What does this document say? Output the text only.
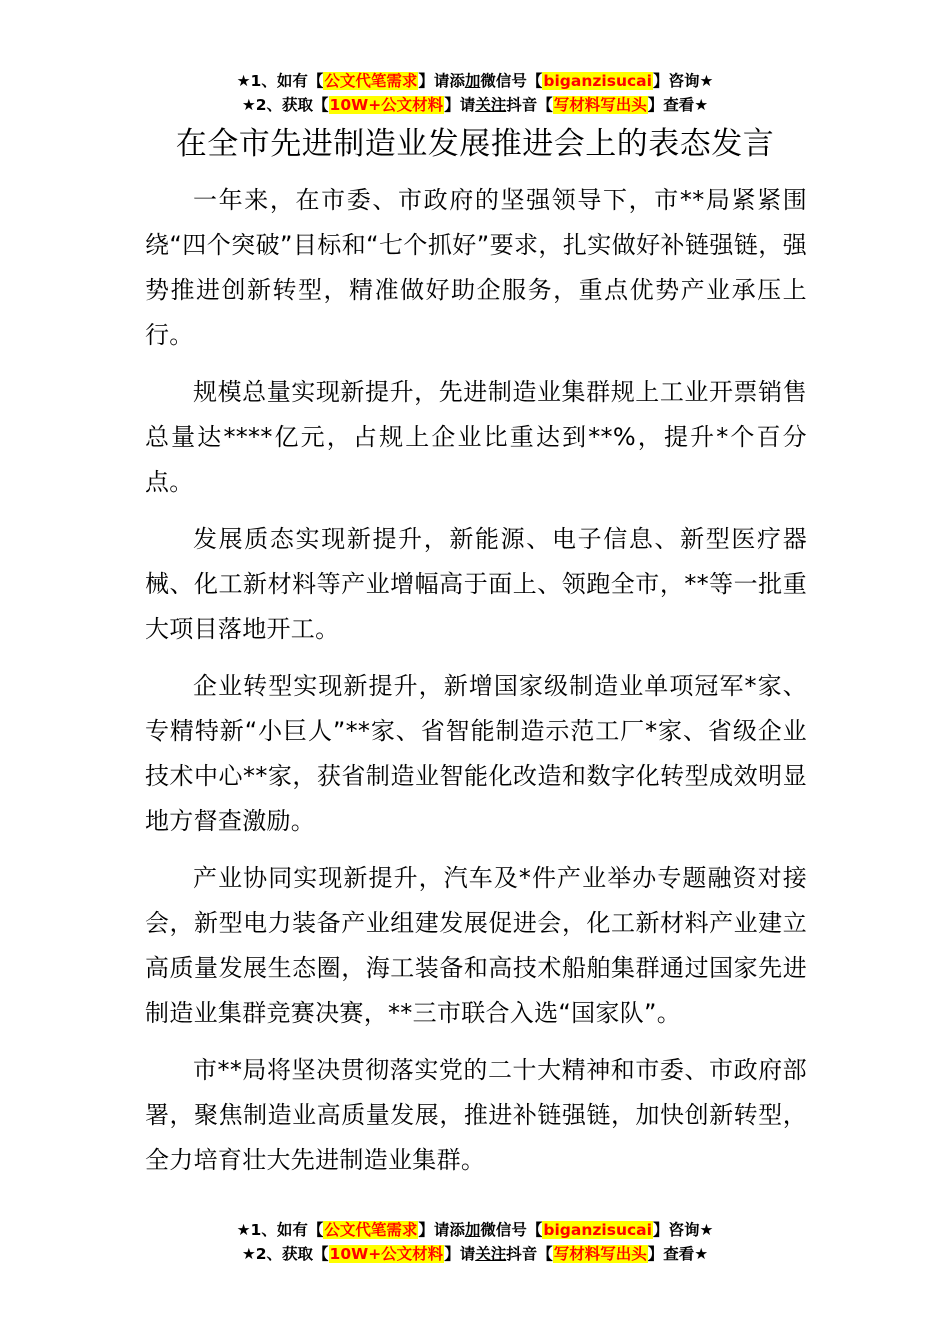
★1、如有【公文代笔需求】请添加微信号【biganzisucai】咨询★
★2、获取【10W+公文材料】请关注抖音【写材料写出头】查看★
在全市先进制造业发展推进会上的表态发言

一年来，在市委、市政府的坚强领导下，市**局紧紧围绕“四个突破”目标和“七个抓好”要求，扎实做好补链强链，强势推进创新转型，精准做好助企服务，重点优势产业承压上行。

规模总量实现新提升，先进制造业集群规上工业开票销售总量达****亿元，占规上企业比重达到**%，提升*个百分点。

发展质态实现新提升，新能源、电子信息、新型医疗器械、化工新材料等产业增幅高于面上、领跑全市，**等一批重大项目落地开工。

企业转型实现新提升，新增国家级制造业单项冠军*家、专精特新“小巨人”**家、省智能制造示范工厂*家、省级企业技术中心**家，获省制造业智能化改造和数字化转型成效明显地方督查激励。

产业协同实现新提升，汽车及*件产业举办专题融资对接会，新型电力装备产业组建发展促进会，化工新材料产业建立高质量发展生态圈，海工装备和高技术船舶集群通过国家先进制造业集群竞赛决赛，**三市联合入选“国家队”。

市**局将坚决贯彻落实党的二十大精神和市委、市政府部署，聚焦制造业高质量发展，推进补链强链，加快创新转型，全力培育壮大先进制造业集群。

★1、如有【公文代笔需求】请添加微信号【biganzisucai】咨询★
★2、获取【10W+公文材料】请关注抖音【写材料写出头】查看★
